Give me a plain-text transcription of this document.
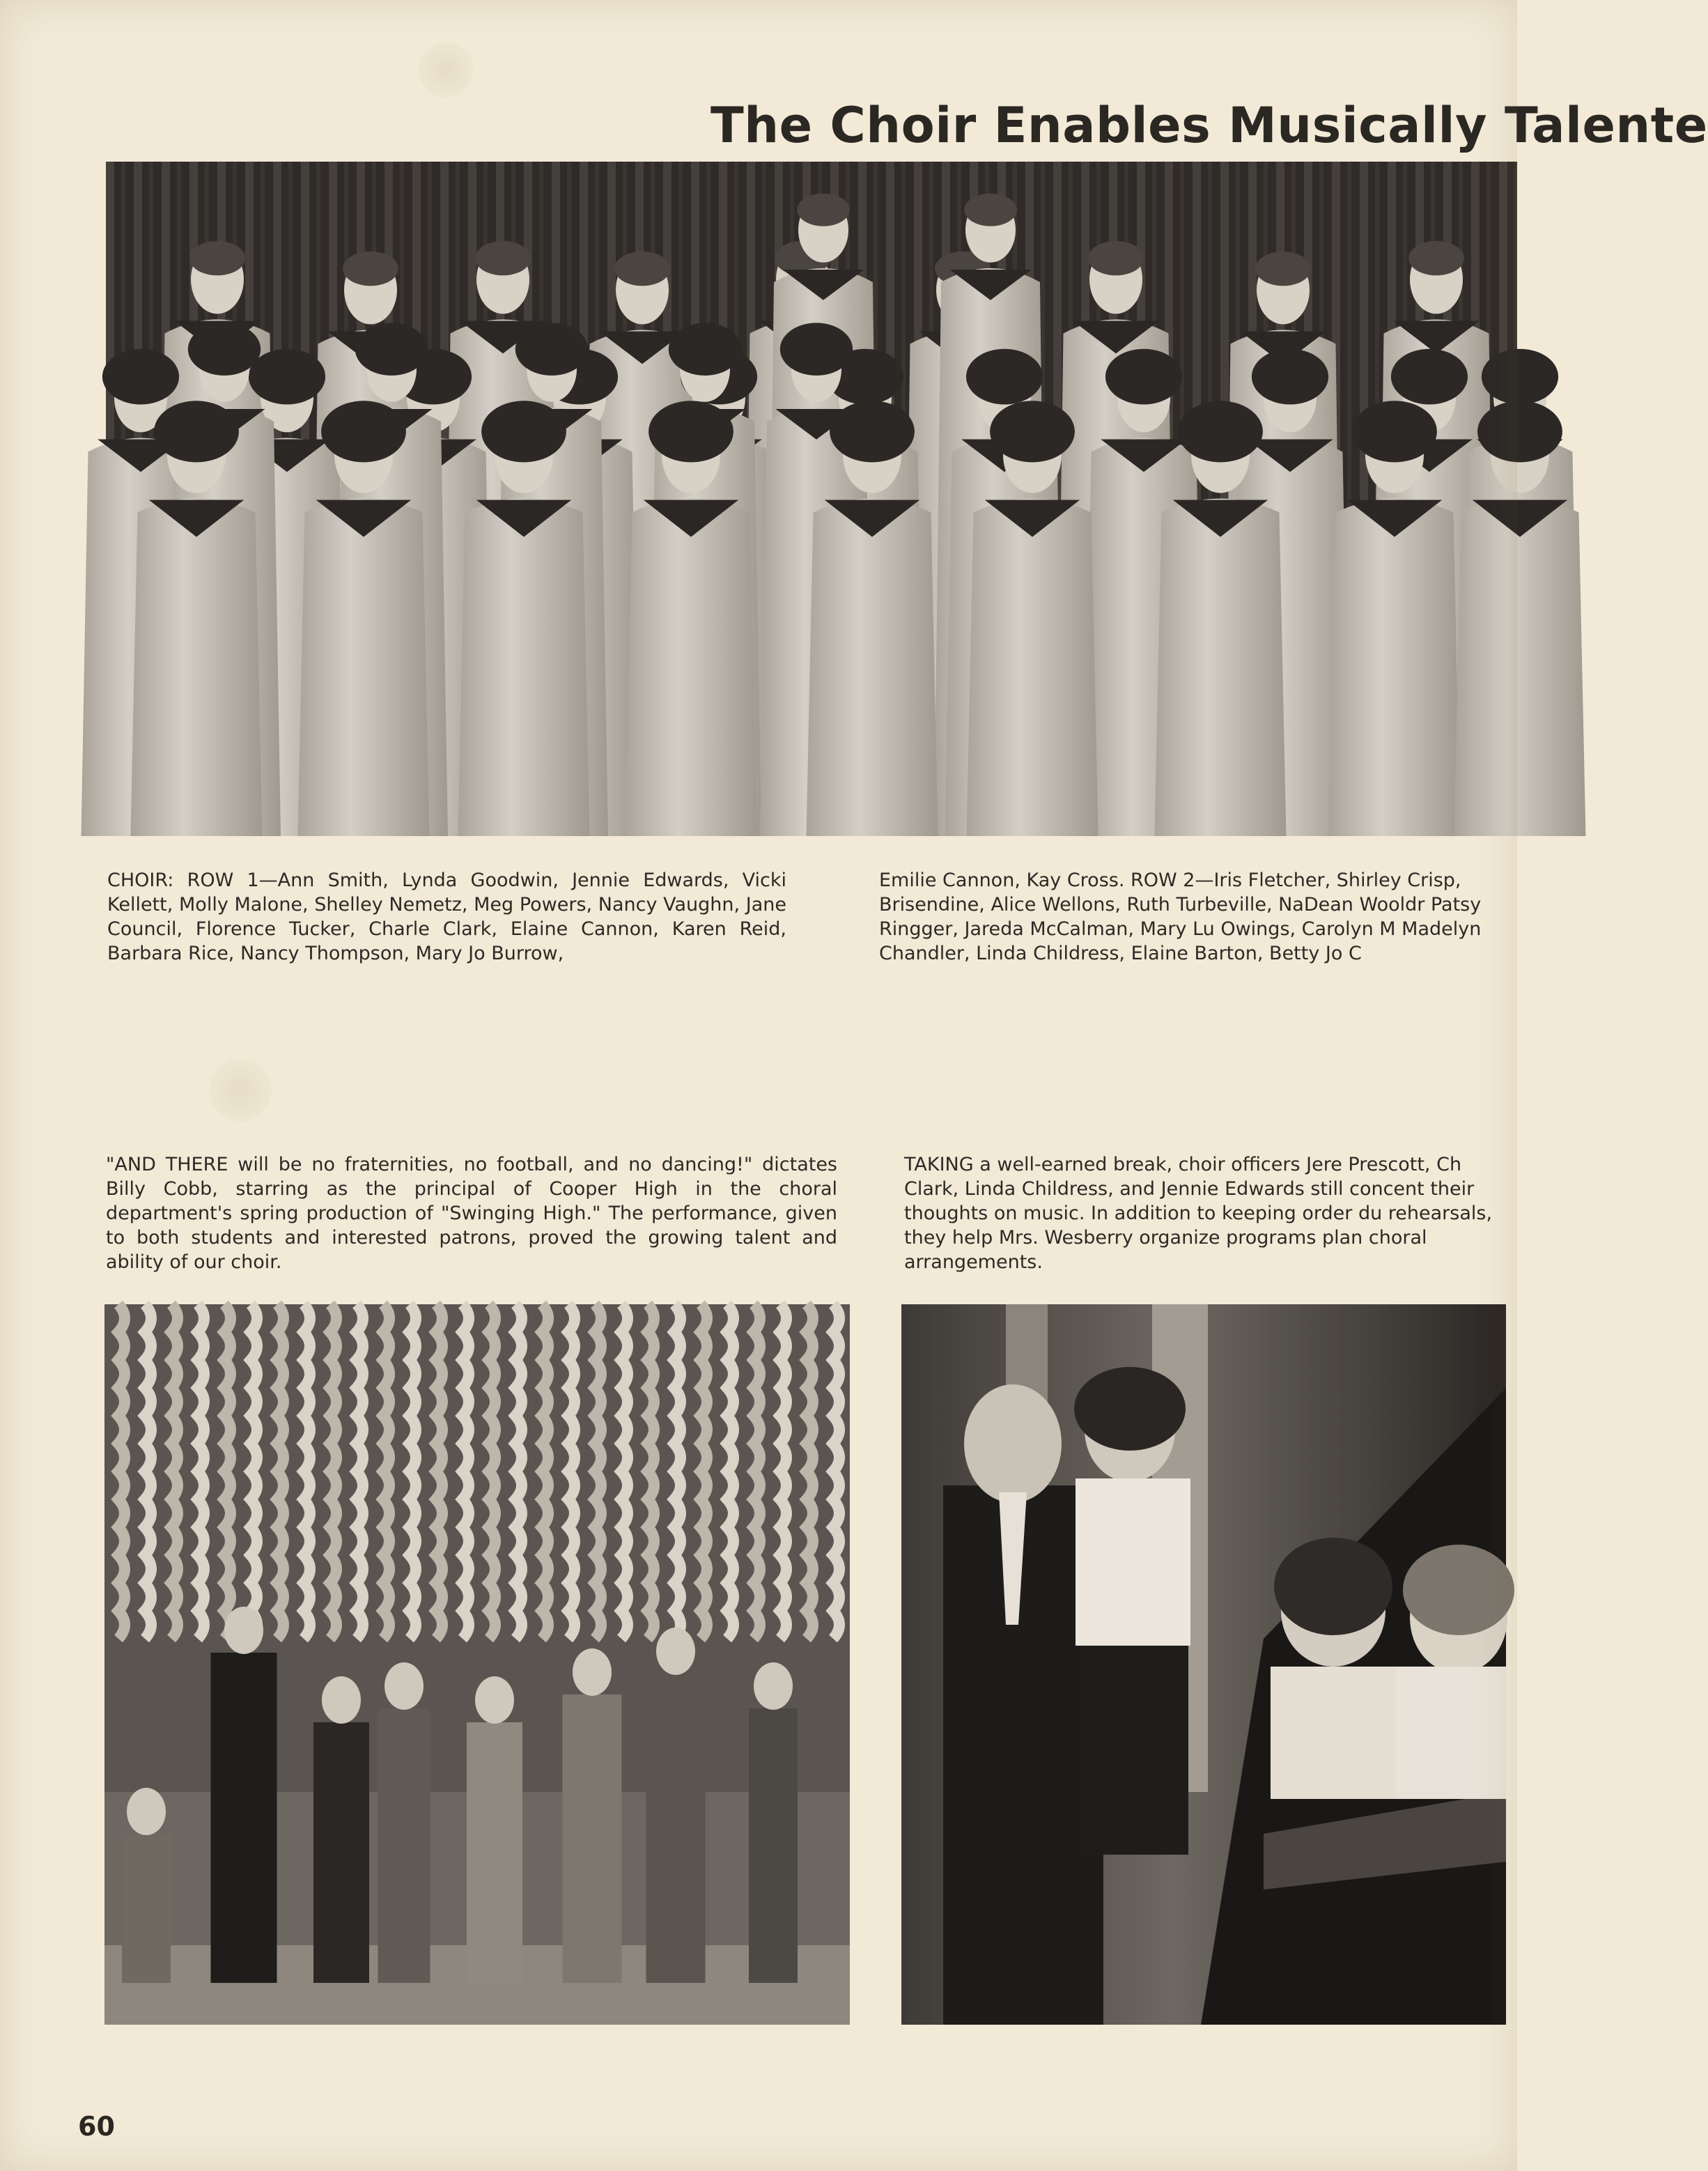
The Choir Enables Musically Talente
CHOIR: ROW 1—Ann Smith, Lynda Goodwin, Jennie Edwards, Vicki Kellett, Molly Malone, Shelley Nemetz, Meg Powers, Nancy Vaughn, Jane Council, Florence Tucker, Charle Clark, Elaine Cannon, Karen Reid, Barbara Rice, Nancy Thompson, Mary Jo Burrow,
Emilie Cannon, Kay Cross. ROW 2—Iris Fletcher, Shirley Crisp, Brisendine, Alice Wellons, Ruth Turbeville, NaDean Wooldr Patsy Ringger, Jareda McCalman, Mary Lu Owings, Carolyn M Madelyn Chandler, Linda Childress, Elaine Barton, Betty Jo C
"AND THERE will be no fraternities, no football, and no dancing!" dictates Billy Cobb, starring as the principal of Cooper High in the choral department's spring production of "Swinging High." The performance, given to both students and interested patrons, proved the growing talent and ability of our choir.
TAKING a well-earned break, choir officers Jere Prescott, Ch Clark, Linda Childress, and Jennie Edwards still concent their thoughts on music. In addition to keeping order du rehearsals, they help Mrs. Wesberry organize programs plan choral arrangements.
60
